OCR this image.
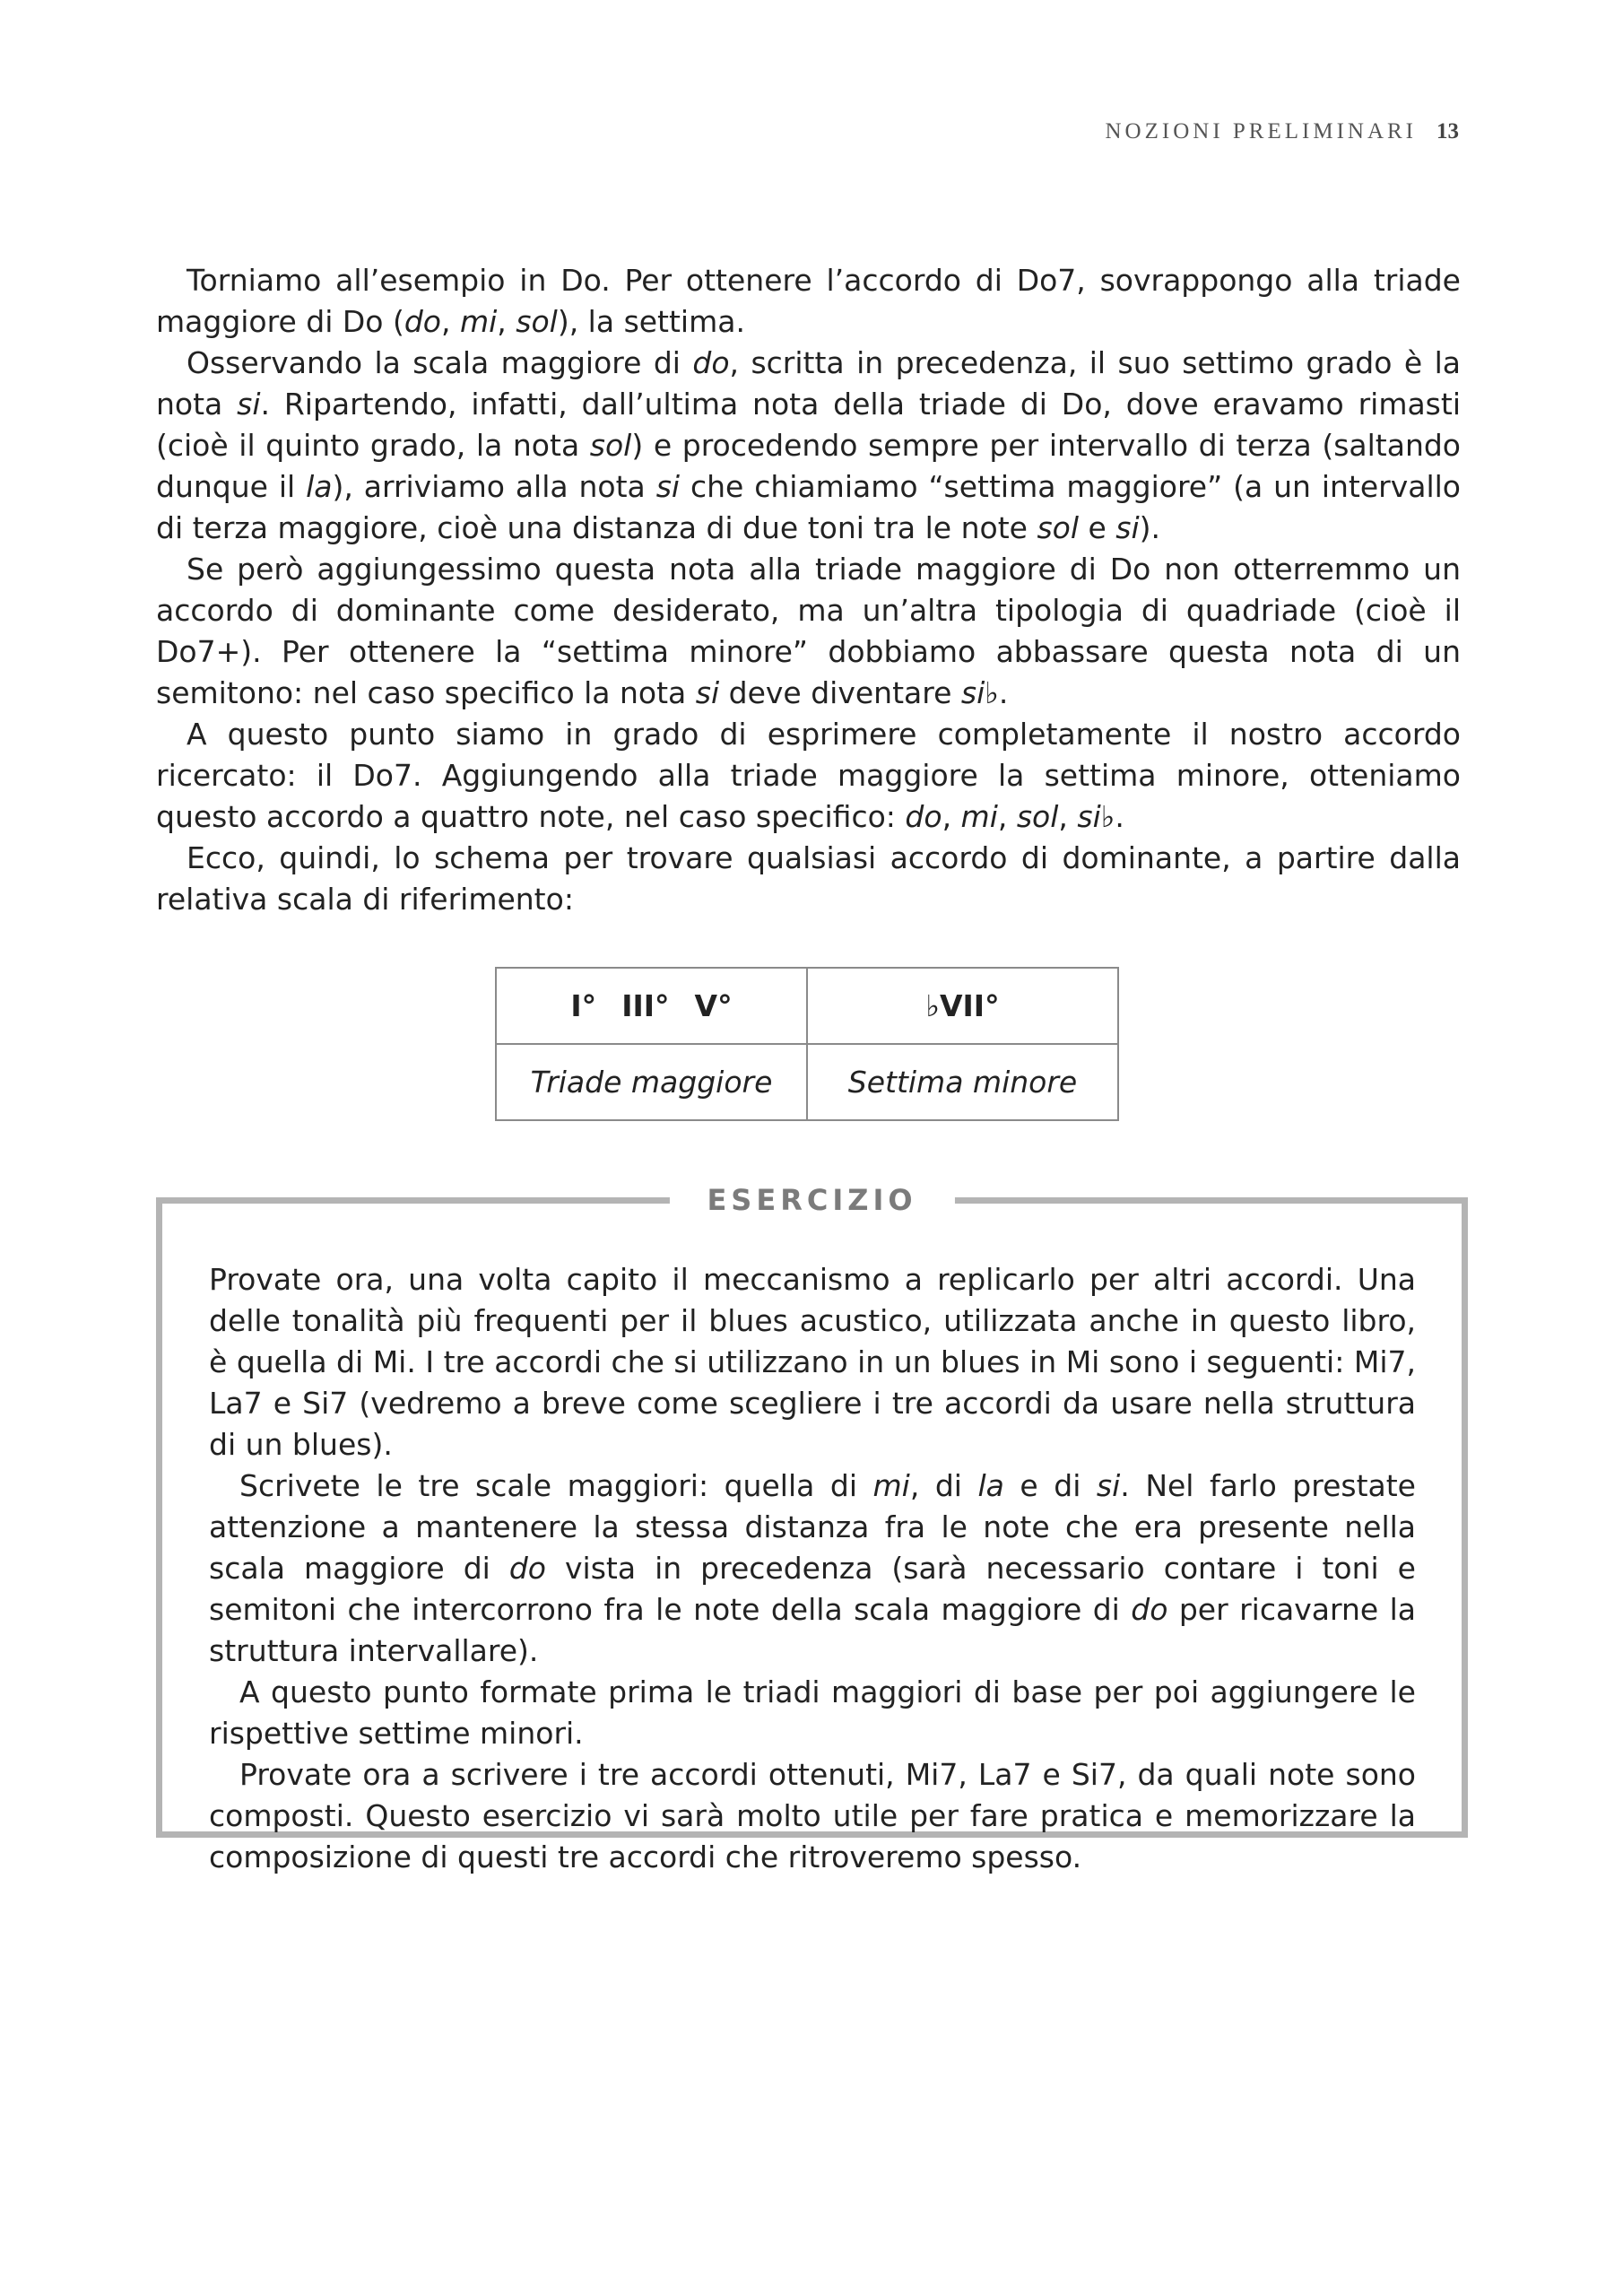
NOZIONI PRELIMINARI 13

Torniamo all’esempio in Do. Per ottenere l’accordo di Do7, sovrappongo alla triade maggiore di Do (do, mi, sol), la settima.

Osservando la scala maggiore di do, scritta in precedenza, il suo settimo grado è la nota si. Ripartendo, infatti, dall’ultima nota della triade di Do, dove eravamo rimasti (cioè il quinto grado, la nota sol) e procedendo sempre per intervallo di terza (saltando dunque il la), arriviamo alla nota si che chiamiamo “settima maggiore” (a un intervallo di terza maggiore, cioè una distanza di due toni tra le note sol e si).

Se però aggiungessimo questa nota alla triade maggiore di Do non otterremmo un accordo di dominante come desiderato, ma un’altra tipologia di quadriade (cioè il Do7+). Per ottenere la “settima minore” dobbiamo abbassare questa nota di un semitono: nel caso specifico la nota si deve diventare si♭.

A questo punto siamo in grado di esprimere completamente il nostro accordo ricercato: il Do7. Aggiungendo alla triade maggiore la settima minore, otteniamo questo accordo a quattro note, nel caso specifico: do, mi, sol, si♭.

Ecco, quindi, lo schema per trovare qualsiasi accordo di dominante, a partire dalla relativa scala di riferimento:

I° III° V°	♭VII°
Triade maggiore	Settima minore
ESERCIZIO

Provate ora, una volta capito il meccanismo a replicarlo per altri accordi. Una delle tonalità più frequenti per il blues acustico, utilizzata anche in questo libro, è quella di Mi. I tre accordi che si utilizzano in un blues in Mi sono i seguenti: Mi7, La7 e Si7 (vedremo a breve come scegliere i tre accordi da usare nella struttura di un blues).

Scrivete le tre scale maggiori: quella di mi, di la e di si. Nel farlo prestate attenzione a mantenere la stessa distanza fra le note che era presente nella scala maggiore di do vista in precedenza (sarà necessario contare i toni e semitoni che intercorrono fra le note della scala maggiore di do per ricavarne la struttura intervallare).

A questo punto formate prima le triadi maggiori di base per poi aggiungere le rispettive settime minori.

Provate ora a scrivere i tre accordi ottenuti, Mi7, La7 e Si7, da quali note sono composti. Questo esercizio vi sarà molto utile per fare pratica e memorizzare la composizione di questi tre accordi che ritroveremo spesso.
